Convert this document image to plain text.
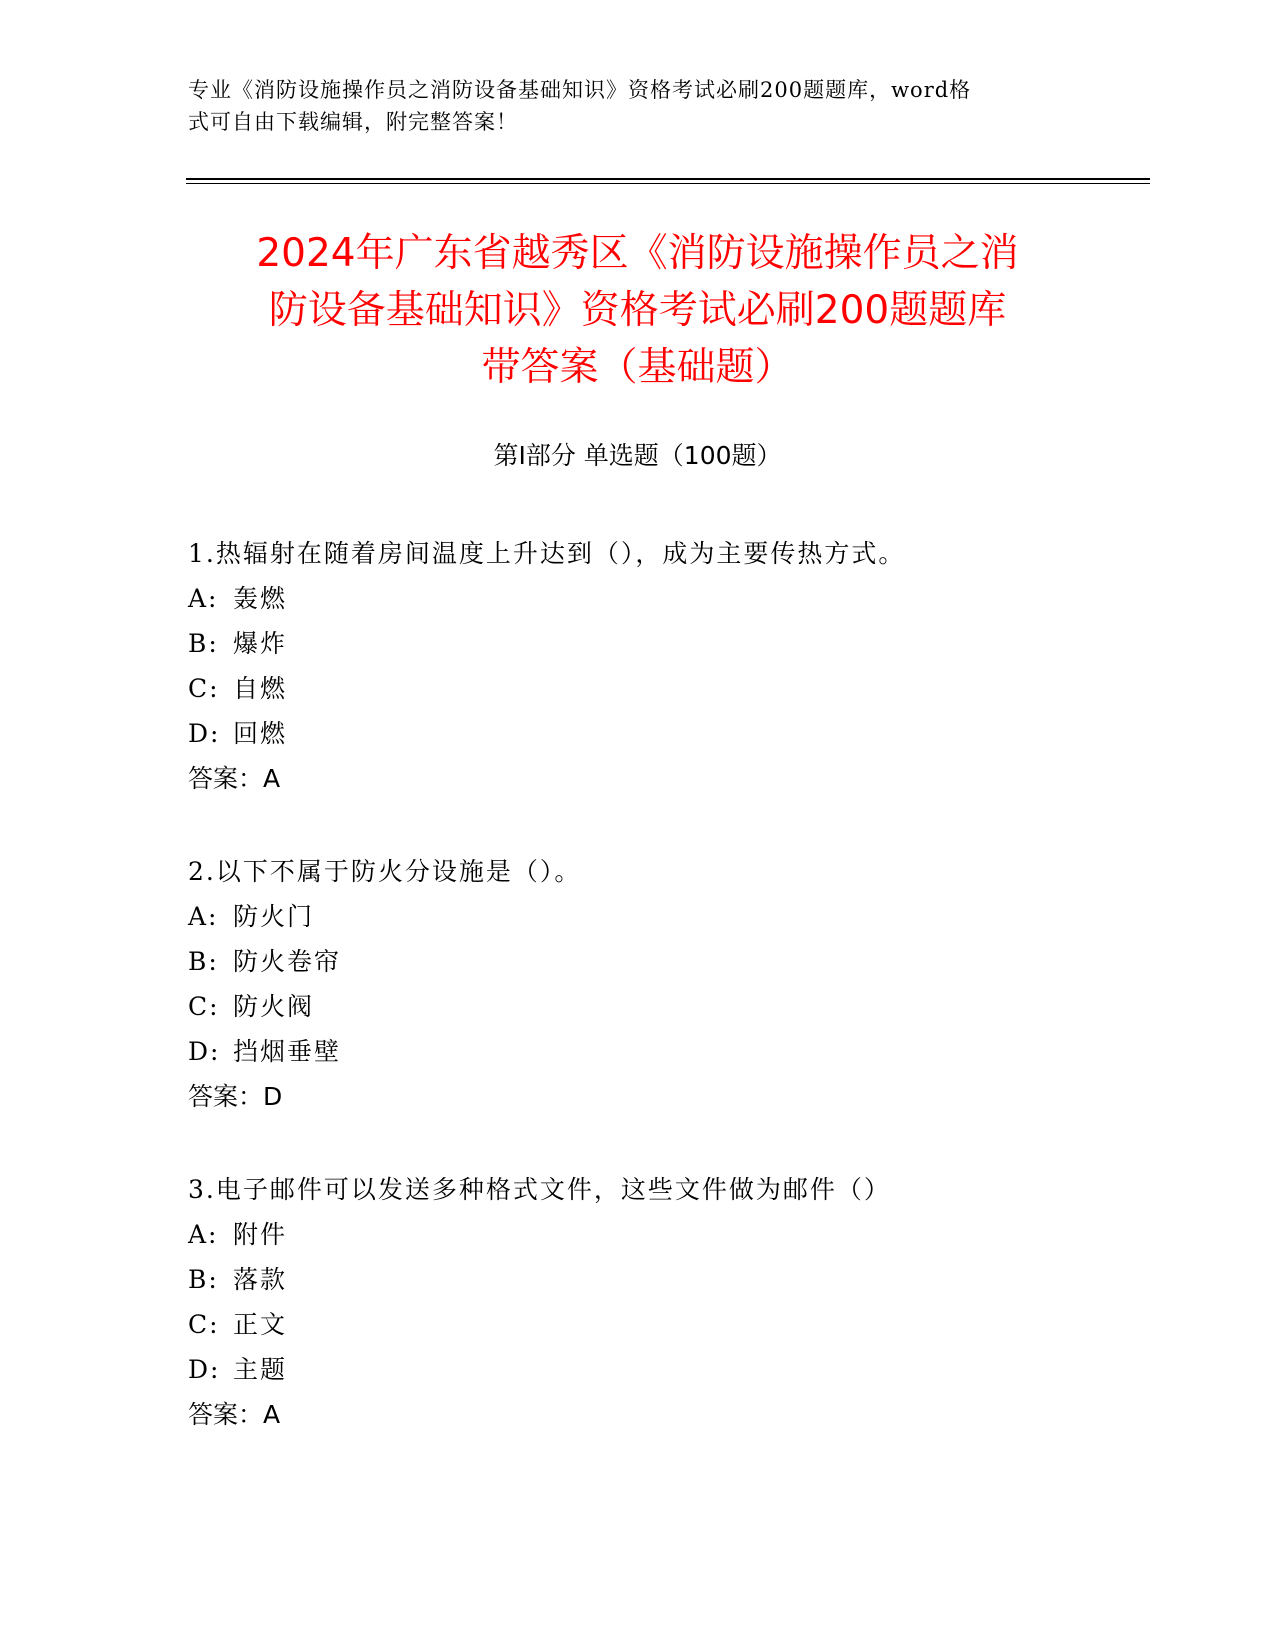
专业《消防设施操作员之消防设备基础知识》资格考试必刷200题题库，word格
式可自由下载编辑，附完整答案！
2024年广东省越秀区《消防设施操作员之消
防设备基础知识》资格考试必刷200题题库
带答案（基础题）
第Ⅰ部分 单选题（100题）
1.热辐射在随着房间温度上升达到（），成为主要传热方式。
A: 轰燃
B: 爆炸
C: 自燃
D: 回燃
答案：A
2.以下不属于防火分设施是（）。
A: 防火门
B: 防火卷帘
C: 防火阀
D: 挡烟垂壁
答案：D
3.电子邮件可以发送多种格式文件，这些文件做为邮件（）
A: 附件
B: 落款
C: 正文
D: 主题
答案：A
